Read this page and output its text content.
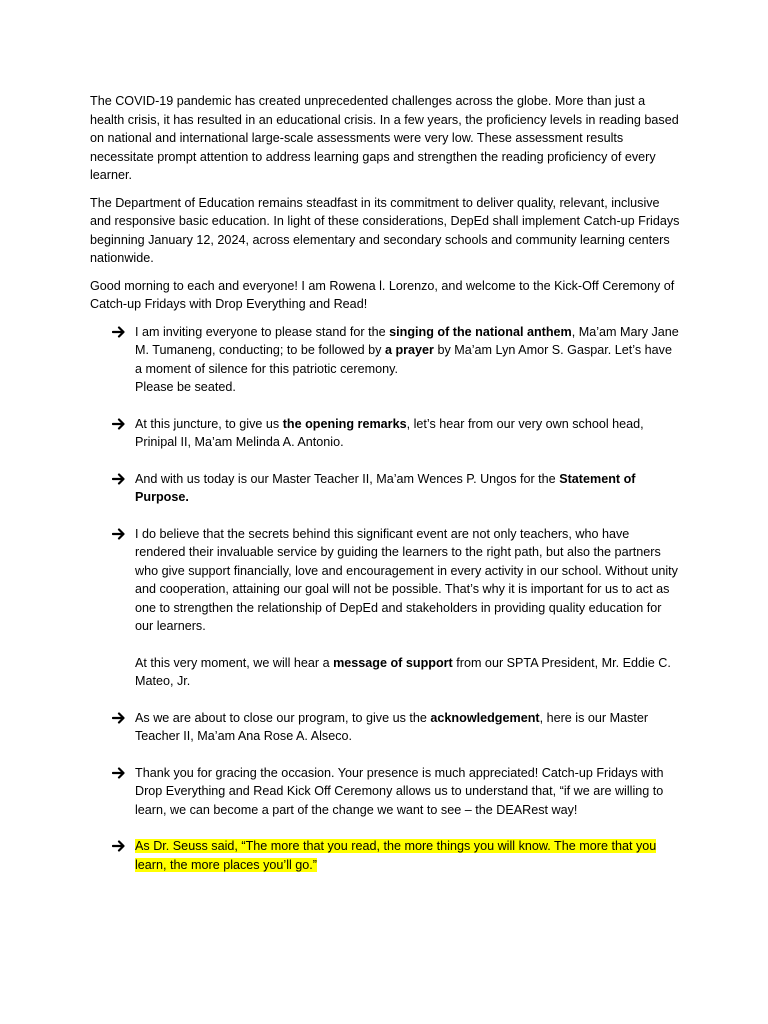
The COVID-19 pandemic has created unprecedented challenges across the globe. More than just a health crisis, it has resulted in an educational crisis. In a few years, the proficiency levels in reading based on national and international large-scale assessments were very low. These assessment results necessitate prompt attention to address learning gaps and strengthen the reading proficiency of every learner.

The Department of Education remains steadfast in its commitment to deliver quality, relevant, inclusive and responsive basic education. In light of these considerations, DepEd shall implement Catch-up Fridays beginning January 12, 2024, across elementary and secondary schools and community learning centers nationwide.

Good morning to each and everyone! I am Rowena l. Lorenzo, and welcome to the Kick-Off Ceremony of Catch-up Fridays with Drop Everything and Read!

I am inviting everyone to please stand for the singing of the national anthem, Ma’am Mary Jane M. Tumaneng, conducting; to be followed by a prayer by Ma’am Lyn Amor S. Gaspar. Let’s have a moment of silence for this patriotic ceremony.

Please be seated.

At this juncture, to give us the opening remarks, let’s hear from our very own school head, Prinipal II, Ma’am Melinda A. Antonio.

And with us today is our Master Teacher II, Ma’am Wences P. Ungos for the Statement of Purpose.

I do believe that the secrets behind this significant event are not only teachers, who have rendered their invaluable service by guiding the learners to the right path, but also the partners who give support financially, love and encouragement in every activity in our school. Without unity and cooperation, attaining our goal will not be possible. That’s why it is important for us to act as one to strengthen the relationship of DepEd and stakeholders in providing quality education for our learners.

At this very moment, we will hear a message of support from our SPTA President, Mr. Eddie C. Mateo, Jr.

As we are about to close our program, to give us the acknowledgement, here is our Master Teacher II, Ma’am Ana Rose A. Alseco.

Thank you for gracing the occasion. Your presence is much appreciated! Catch-up Fridays with Drop Everything and Read Kick Off Ceremony allows us to understand that, “if we are willing to learn, we can become a part of the change we want to see – the DEARest way!

As Dr. Seuss said, “The more that you read, the more things you will know. The more that you learn, the more places you’ll go.”
